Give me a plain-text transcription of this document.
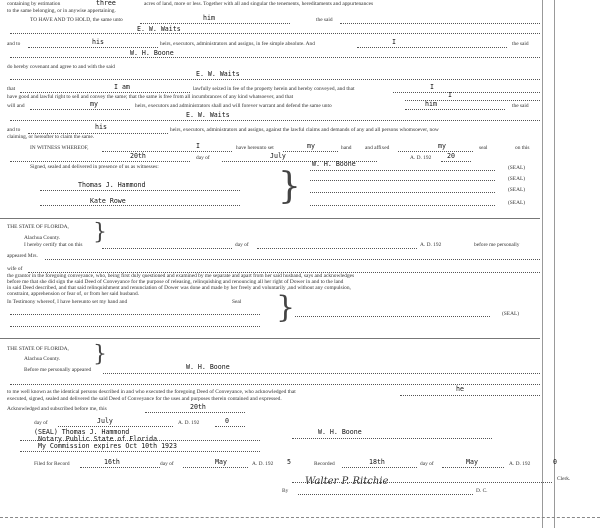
containing by estimation	three	acres of land, more or less. Together with all and singular the tenements, hereditaments and appurtenances
to the same belonging, or in anywise appertaining.
TO HAVE AND TO HOLD, the same unto	him	the said
E. W. Waits
and to	his	heirs, executors, administrators and assigns, in fee simple absolute. And	I	the said
W. H. Boone
do hereby covenant and agree to and with the said
E. W. Waits
that	I am	lawfully seized in fee of the property herein and hereby conveyed, and that	I
have good and lawful right to sell and convey the same; that the same is free from all incumbrances of any kind whatsoever, and that	I
will and	my	heirs, executors and administrators shall and will forever warrant and defend the same unto	him	the said
E. W. Waits
and to	his	heirs, executors, administrators and assigns, against the lawful claims and demands of any and all persons whomsoever, now
claiming, or hereafter to claim the same.
IN WITNESS WHEREOF,	I	have hereunto set	my	hand	and affixed	my	seal	on this
20th	day of	July	A. D. 192 20
Signed, sealed and delivered in presence of us as witnesses:	W. H. Boone	(SEAL)
(SEAL)
(SEAL)
(SEAL)
Thomas J. Hammond
Kate Rowe	}
THE STATE OF FLORIDA,
Alachua County. }
I hereby certify that on this	day of	A. D. 192	before me personally
appeared Mrs.
wife of
the grantor in the foregoing conveyance, who, being first duly questioned and examined by me separate and apart from her said husband, says and acknowledges
before me that she did sign the said Deed of Conveyance for the purpose of releasing, relinquishing and renouncing all her right of Dower in and to the land
in said Deed described, and that said relinquishment and renunciation of Dower was done and made by her freely and voluntarily ,and without any compulsion,
constraint, apprehension or fear of, or from her said husband.
In Testimony whereof, I have hereunto set my hand and	Seal }	(SEAL)
THE STATE OF FLORIDA,
Alachua County. }
Before me personally appeared	W. H. Boone
to me well known as the identical persons described in and who executed the foregoing Deed of Conveyance, who acknowledged that	he
executed, signed, sealed and delivered the said Deed of Conveyance for the uses and purposes therein contained and expressed.
Acknowledged and subscribed before me, this	20th
day of	July	A. D. 192	0
(SEAL) Thomas J. Hammond
Notary Public State of Florida
My Commission expires Oct 10th 1923
W. H. Boone
Filed for Record	16th	day of	May	A. D. 192 5	Recorded	18th	day of	May	A. D. 192	0
Clerk.
By
Walter P. Ritchie
D. C.
